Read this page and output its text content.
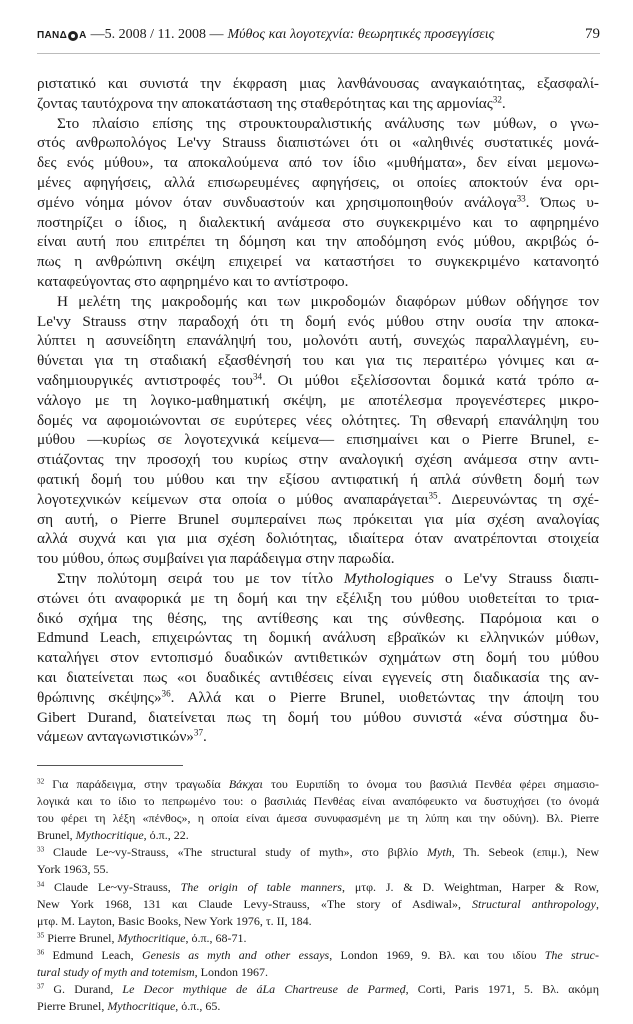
ΠΑΝΔ Α —5. 2008 / 11. 2008 — Μύθος και λογοτεχνία: θεωρητικές προσεγγίσεις	79
ριστατικό και συνιστά την έκφραση μιας λανθάνουσας αναγκαιότητας, εξασφαλί-
ζοντας ταυτόχρονα την αποκατάσταση της σταθερότητας και της αρμονίας$^{32}$.
Στο πλαίσιο επίσης της στρουκτουραλιστικής ανάλυσης των μύθων, ο γνω-
στός ανθρωπολόγος Le'vy Strauss διαπιστώνει ότι οι «αληθινές συστατικές μονά-
δες ενός μύθου», τα αποκαλούμενα από τον ίδιο «μυθήματα», δεν είναι μεμονω-
μένες αφηγήσεις, αλλά επισωρευμένες αφηγήσεις, οι οποίες αποκτούν ένα ορι-
σμένο νόημα μόνον όταν συνδυαστούν και χρησιμοποιηθούν ανάλογα$^{33}$. Όπως υ-
ποστηρίζει ο ίδιος, η διαλεκτική ανάμεσα στο συγκεκριμένο και το αφηρημένο
είναι αυτή που επιτρέπει τη δόμηση και την αποδόμηση ενός μύθου, ακριβώς ό-
πως η ανθρώπινη σκέψη επιχειρεί να καταστήσει το συγκεκριμένο κατανοητό
καταφεύγοντας στο αφηρημένο και το αντίστροφο.
Η μελέτη της μακροδομής και των μικροδομών διαφόρων μύθων οδήγησε τον
Le'vy Strauss στην παραδοχή ότι τη δομή ενός μύθου στην ουσία την αποκα-
λύπτει η ασυνείδητη επανάληψή του, μολονότι αυτή, συνεχώς παραλλαγμένη, ευ-
θύνεται για τη σταδιακή εξασθένησή του και για τις περαιτέρω γόνιμες και α-
ναδημιουργικές αντιστροφές του$^{34}$. Οι μύθοι εξελίσσονται δομικά κατά τρόπο α-
νάλογο με τη λογικο-μαθηματική σκέψη, με αποτέλεσμα προγενέστερες μικρο-
δομές να αφομοιώνονται σε ευρύτερες νέες ολότητες. Τη σθεναρή επανάληψη του
μύθου —κυρίως σε λογοτεχνικά κείμενα— επισημαίνει και ο Pierre Brunel, ε-
στιάζοντας την προσοχή του κυρίως στην αναλογική σχέση ανάμεσα στην αντι-
φατική δομή του μύθου και την εξίσου αντιφατική ή απλά σύνθετη δομή των
λογοτεχνικών κείμενων στα οποία ο μύθος αναπαράγεται$^{35}$. Διερευνώντας τη σχέ-
ση αυτή, ο Pierre Brunel συμπεραίνει πως πρόκειται για μία σχέση αναλογίας
αλλά συχνά και για μια σχέση δολιότητας, ιδιαίτερα όταν ανατρέπονται στοιχεία
του μύθου, όπως συμβαίνει για παράδειγμα στην παρωδία.
Στην πολύτομη σειρά του με τον τίτλο Mythologiques ο Le'vy Strauss διαπι-
στώνει ότι αναφορικά με τη δομή και την εξέλιξη του μύθου υιοθετείται το τρια-
δικό σχήμα της θέσης, της αντίθεσης και της σύνθεσης. Παρόμοια και ο
Edmund Leach, επιχειρώντας τη δομική ανάλυση εβραϊκών κι ελληνικών μύθων,
καταλήγει στον εντοπισμό δυαδικών αντιθετικών σχημάτων στη δομή του μύθου
και διατείνεται πως «οι δυαδικές αντιθέσεις είναι εγγενείς στη διαδικασία της αν-
θρώπινης σκέψης»$^{36}$. Αλλά και ο Pierre Brunel, υιοθετώντας την άποψη του
Gibert Durand, διατείνεται πως τη δομή του μύθου συνιστά «ένα σύστημα δυ-
νάμεων ανταγωνιστικών»$^{37}$.
$^{32}$ Για παράδειγμα, στην τραγωδία Βάκχαι του Ευριπίδη το όνομα του βασιλιά Πενθέα φέρει σημασιο-
λογικά και το ίδιο το πεπρωμένο του: ο βασιλιάς Πενθέας είναι αναπόφευκτο να δυστυχήσει (το όνομά
του φέρει τη λέξη «πένθος», η οποία είναι άμεσα συνυφασμένη με τη λύπη και την οδύνη). Βλ. Pierre
Brunel, Mythocritique, ό.π., 22.
$^{33}$ Claude Le~vy-Strauss, «The structural study of myth», στο βιβλίο Myth, Th. Sebeok (επιμ.), New
York 1963, 55.
$^{34}$ Claude Le~vy-Strauss, The origin of table manners, μτφ. J. & D. Weightman, Harper & Row,
New York 1968, 131 και Claude Levy-Strauss, «The story of Asdiwal», Structural anthropology,
μτφ. M. Layton, Basic Books, New York 1976, τ. II, 184.
$^{35}$ Pierre Brunel, Mythocritique, ό.π., 68-71.
$^{36}$ Edmund Leach, Genesis as myth and other essays, London 1969, 9. Βλ. και του ιδίου The struc-
tural study of myth and totemism, London 1967.
$^{37}$ G. Durand, Le Decor mythique de áLa Chartreuse de Parmeḍ, Corti, Paris 1971, 5. Βλ. ακόμη
Pierre Brunel, Mythocritique, ό.π., 65.
